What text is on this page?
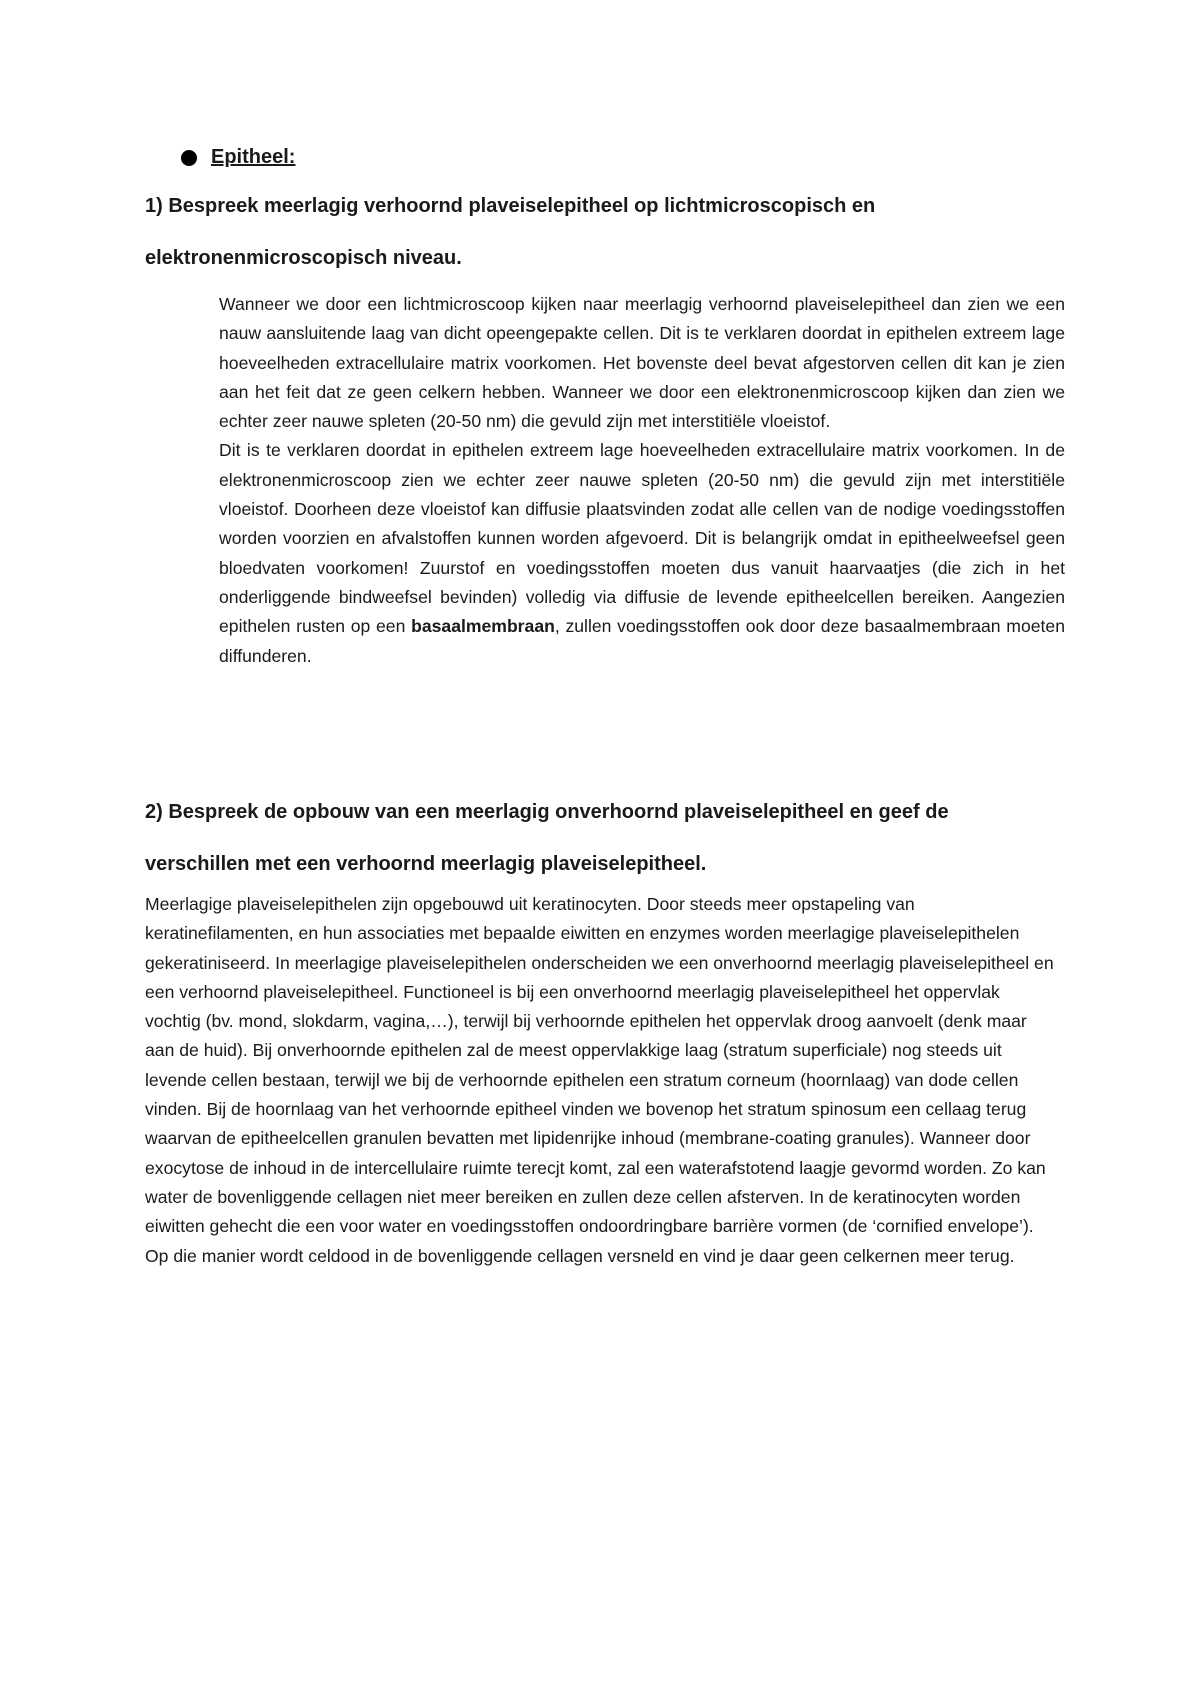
Epitheel:
1) Bespreek meerlagig verhoornd plaveiselepitheel op lichtmicroscopisch en elektronenmicroscopisch niveau.

Wanneer we door een lichtmicroscoop kijken naar meerlagig verhoornd plaveiselepitheel dan zien we een nauw aansluitende laag van dicht opeengepakte cellen. Dit is te verklaren doordat in epithelen extreem lage hoeveelheden extracellulaire matrix voorkomen. Het bovenste deel bevat afgestorven cellen dit kan je zien aan het feit dat ze geen celkern hebben. Wanneer we door een elektronenmicroscoop kijken dan zien we echter zeer nauwe spleten (20-50 nm) die gevuld zijn met interstitiële vloeistof.

Dit is te verklaren doordat in epithelen extreem lage hoeveelheden extracellulaire matrix voorkomen. In de elektronenmicroscoop zien we echter zeer nauwe spleten (20-50 nm) die gevuld zijn met interstitiële vloeistof. Doorheen deze vloeistof kan diffusie plaatsvinden zodat alle cellen van de nodige voedingsstoffen worden voorzien en afvalstoffen kunnen worden afgevoerd. Dit is belangrijk omdat in epitheelweefsel geen bloedvaten voorkomen! Zuurstof en voedingsstoffen moeten dus vanuit haarvaatjes (die zich in het onderliggende bindweefsel bevinden) volledig via diffusie de levende epitheelcellen bereiken. Aangezien epithelen rusten op een basaalmembraan, zullen voedingsstoffen ook door deze basaalmembraan moeten diffunderen.

2) Bespreek de opbouw van een meerlagig onverhoornd plaveiselepitheel en geef de verschillen met een verhoornd meerlagig plaveiselepitheel.

Meerlagige plaveiselepithelen zijn opgebouwd uit keratinocyten. Door steeds meer opstapeling van keratinefilamenten, en hun associaties met bepaalde eiwitten en enzymes worden meerlagige plaveiselepithelen gekeratiniseerd. In meerlagige plaveiselepithelen onderscheiden we een onverhoornd meerlagig plaveiselepitheel en een verhoornd plaveiselepitheel. Functioneel is bij een onverhoornd meerlagig plaveiselepitheel het oppervlak vochtig (bv. mond, slokdarm, vagina,…), terwijl bij verhoornde epithelen het oppervlak droog aanvoelt (denk maar aan de huid). Bij onverhoornde epithelen zal de meest oppervlakkige laag (stratum superficiale) nog steeds uit levende cellen bestaan, terwijl we bij de verhoornde epithelen een stratum corneum (hoornlaag) van dode cellen vinden. Bij de hoornlaag van het verhoornde epitheel vinden we bovenop het stratum spinosum een cellaag terug waarvan de epitheelcellen granulen bevatten met lipidenrijke inhoud (membrane-coating granules). Wanneer door exocytose de inhoud in de intercellulaire ruimte terecjt komt, zal een waterafstotend laagje gevormd worden. Zo kan water de bovenliggende cellagen niet meer bereiken en zullen deze cellen afsterven. In de keratinocyten worden eiwitten gehecht die een voor water en voedingsstoffen ondoordringbare barrière vormen (de ‘cornified envelope’). Op die manier wordt celdood in de bovenliggende cellagen versneld en vind je daar geen celkernen meer terug.
